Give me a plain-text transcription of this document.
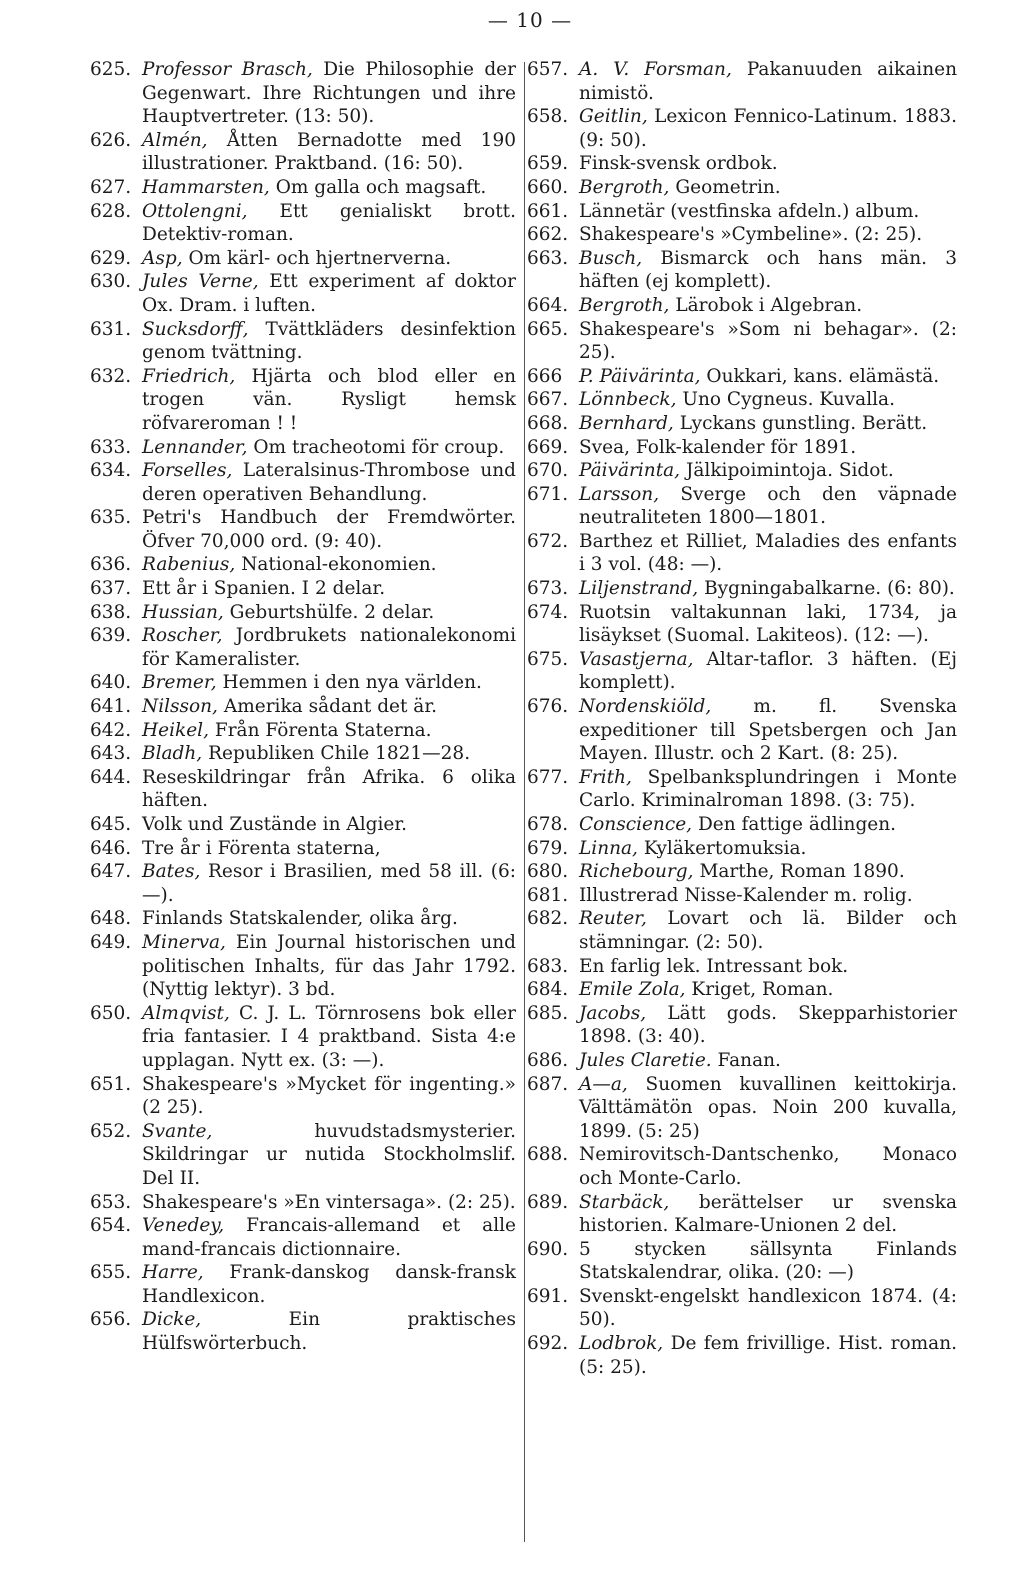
— 10 —
625. Professor Brasch, Die Philosophie der Gegenwart. Ihre Richtungen und ihre Hauptvertreter. (13: 50).
626. Almén, Åtten Bernadotte med 190 illustrationer. Praktband. (16: 50).
627. Hammarsten, Om galla och magsaft.
628. Ottolengni, Ett genialiskt brott. Detektiv-roman.
629. Asp, Om kärl- och hjertnerverna.
630. Jules Verne, Ett experiment af doktor Ox. Dram. i luften.
631. Sucksdorff, Tvättkläders desinfektion genom tvättning.
632. Friedrich, Hjärta och blod eller en trogen vän. Rysligt hemsk röfvareroman ! !
633. Lennander, Om tracheotomi för croup.
634. Forselles, Lateralsinus-Thrombose und deren operativen Behandlung.
635. Petri's Handbuch der Fremdwörter. Öfver 70,000 ord. (9: 40).
636. Rabenius, National-ekonomien.
637. Ett år i Spanien. I 2 delar.
638. Hussian, Geburtshülfe. 2 delar.
639. Roscher, Jordbrukets nationalekonomi för Kameralister.
640. Bremer, Hemmen i den nya världen.
641. Nilsson, Amerika sådant det är.
642. Heikel, Från Förenta Staterna.
643. Bladh, Republiken Chile 1821—28.
644. Reseskildringar från Afrika. 6 olika häften.
645. Volk und Zustände in Algier.
646. Tre år i Förenta staterna,
647. Bates, Resor i Brasilien, med 58 ill. (6: —).
648. Finlands Statskalender, olika årg.
649. Minerva, Ein Journal historischen und politischen Inhalts, für das Jahr 1792. (Nyttig lektyr). 3 bd.
650. Almqvist, C. J. L. Törnrosens bok eller fria fantasier. I 4 praktband. Sista 4:e upplagan. Nytt ex. (3: —).
651. Shakespeare's »Mycket för ingenting.» (2 25).
652. Svante,	huvudstadsmysterier. Skildringar ur nutida Stockholmslif. Del II.
653. Shakespeare's »En vintersaga». (2: 25).
654. Venedey, Francais-allemand et alle mand-francais dictionnaire.
655. Harre, Frank-danskog dansk-fransk Handlexicon.
656. Dicke,	Ein praktisches Hülfswörterbuch.
657. A. V. Forsman, Pakanuuden aikainen nimistö.
658. Geitlin, Lexicon Fennico-Latinum. 1883. (9: 50).
659. Finsk-svensk ordbok.
660. Bergroth, Geometrin.
661. Lännetär (vestfinska afdeln.) album.
662. Shakespeare's »Cymbeline». (2: 25).
663. Busch, Bismarck och hans män. 3 häften (ej komplett).
664. Bergroth, Lärobok i Algebran.
665. Shakespeare's »Som ni behagar». (2: 25).
666 P. Päivärinta, Oukkari, kans. elämästä.
667. Lönnbeck, Uno Cygneus. Kuvalla.
668. Bernhard, Lyckans gunstling. Berätt.
669. Svea, Folk-kalender för 1891.
670. Päivärinta, Jälkipoimintoja. Sidot.
671. Larsson, Sverge och den väpnade neutraliteten 1800—1801.
672. Barthez et Rilliet, Maladies des enfants i 3 vol. (48: —).
673. Liljenstrand, Bygningabalkarne. (6: 80).
674. Ruotsin valtakunnan laki, 1734, ja lisäykset (Suomal. Lakiteos). (12: —).
675. Vasastjerna, Altar-taflor. 3 häften. (Ej komplett).
676. Nordenskiöld, m. fl. Svenska expeditioner till Spetsbergen och Jan Mayen. Illustr. och 2 Kart. (8: 25).
677. Frith, Spelbanksplundringen i Monte Carlo. Kriminalroman 1898. (3: 75).
678. Conscience, Den fattige ädlingen.
679. Linna, Kyläkertomuksia.
680. Richebourg, Marthe, Roman 1890.
681. Illustrerad Nisse-Kalender m. rolig.
682. Reuter, Lovart och lä. Bilder och stämningar. (2: 50).
683. En farlig lek. Intressant bok.
684. Emile Zola, Kriget, Roman.
685. Jacobs, Lätt gods. Skepparhistorier 1898. (3: 40).
686. Jules Claretie. Fanan.
687. A—a, Suomen kuvallinen keittokirja. Välttämätön opas. Noin 200 kuvalla, 1899. (5: 25)
688. Nemirovitsch-Dantschenko, Monaco och Monte-Carlo.
689. Starbäck, berättelser ur svenska historien. Kalmare-Unionen 2 del.
690. 5 stycken sällsynta Finlands Statskalendrar, olika. (20: —)
691. Svenskt-engelskt handlexicon 1874. (4: 50).
692. Lodbrok, De fem frivillige. Hist. roman. (5: 25).
